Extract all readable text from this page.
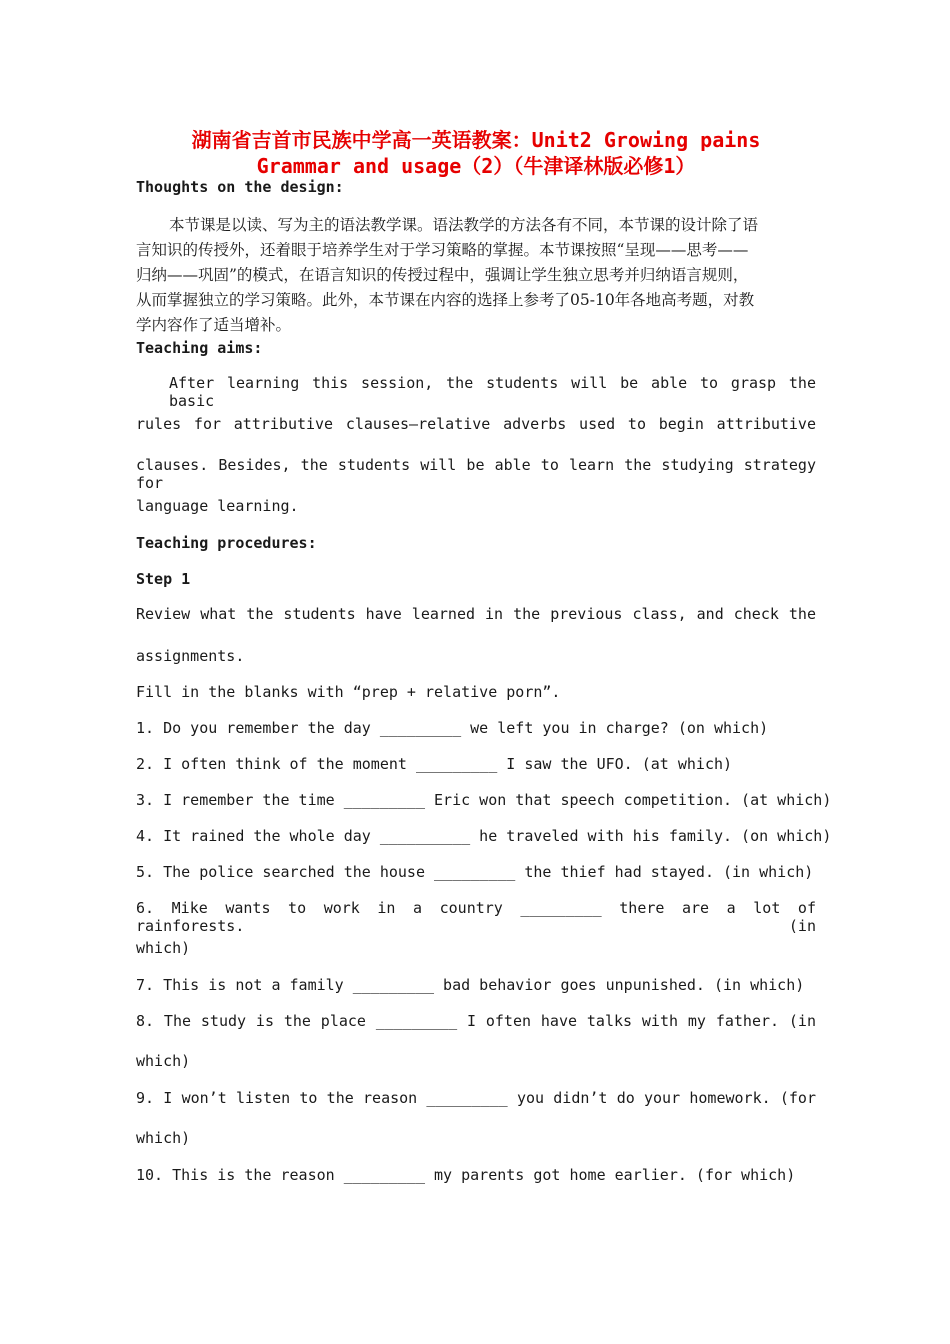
湖南省吉首市民族中学高一英语教案：Unit2 Growing pains
Grammar and usage（2）（牛津译林版必修1）
Thoughts on the design:
本节课是以读、写为主的语法教学课。语法教学的方法各有不同，本节课的设计除了语
言知识的传授外，还着眼于培养学生对于学习策略的掌握。本节课按照“呈现——思考——
归纳——巩固”的模式，在语言知识的传授过程中，强调让学生独立思考并归纳语言规则，
从而掌握独立的学习策略。此外，本节课在内容的选择上参考了05-10年各地高考题，对教
学内容作了适当增补。
Teaching aims:
After learning this session, the students will be able to grasp the basic
rules for attributive clauses—relative adverbs used to begin attributive
clauses. Besides, the students will be able to learn the studying strategy for
language learning.
Teaching procedures:
Step 1
Review what the students have learned in the previous class, and check the
assignments.
Fill in the blanks with “prep + relative porn”.
1. Do you remember the day _________ we left you in charge? (on which)
2. I often think of the moment _________ I saw the UFO. (at which)
3. I remember the time _________ Eric won that speech competition. (at which)
4. It rained the whole day __________ he traveled with his family. (on which)
5. The police searched the house _________ the thief had stayed. (in which)
6. Mike wants to work in a country _________ there are a lot of rainforests. (in
which)
7. This is not a family _________ bad behavior goes unpunished. (in which)
8. The study is the place _________ I often have talks with my father. (in
which)
9. I won’t listen to the reason _________ you didn’t do your homework. (for
which)
10. This is the reason _________ my parents got home earlier. (for which)
